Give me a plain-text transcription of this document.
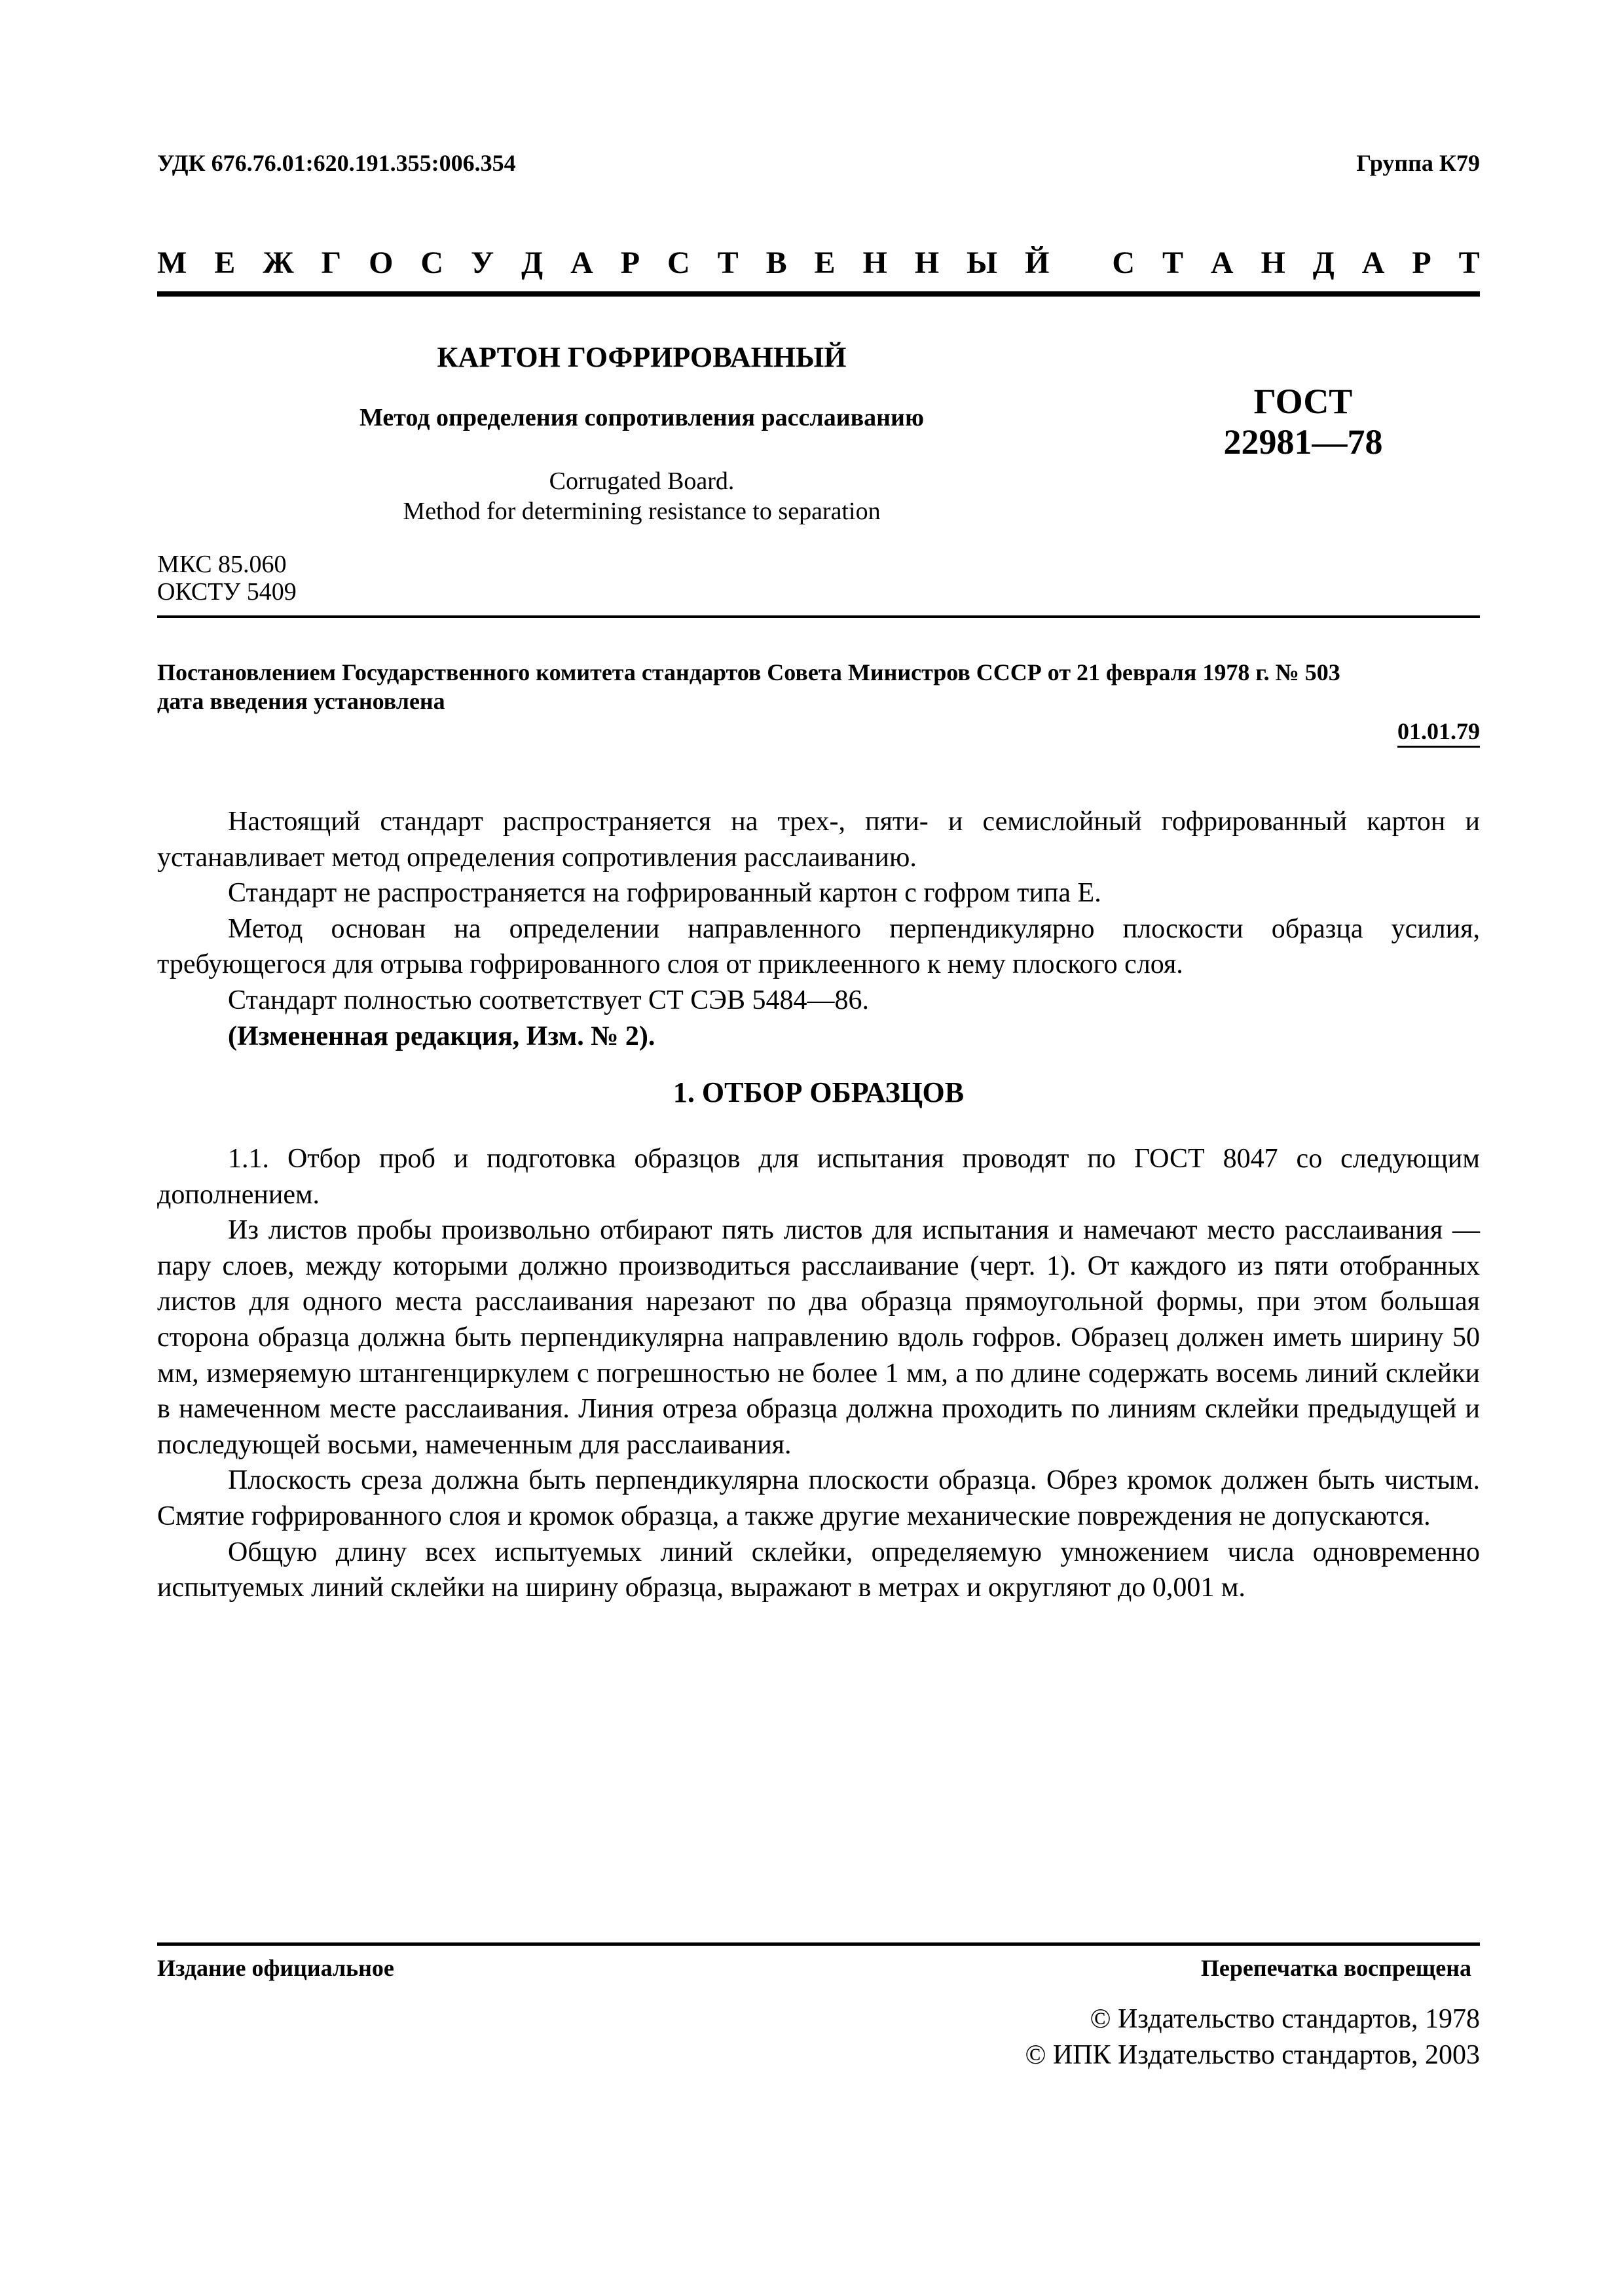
УДК 676.76.01:620.191.355:006.354	Группа К79
М Е Ж Г О С У Д А Р С Т В Е Н Н Ы Й
С Т А Н Д А Р Т
КАРТОН ГОФРИРОВАННЫЙ
Метод определения сопротивления расслаиванию
Corrugated Board.
Method for determining resistance to separation
ГОСТ
22981—78
МКС 85.060
ОКСТУ 5409
Постановлением Государственного комитета стандартов Совета Министров СССР от 21 февраля 1978 г. № 503
дата введения установлена
01.01.79

Настоящий стандарт распространяется на трех-, пяти- и семислойный гофрированный картон и устанавливает метод определения сопротивления расслаиванию.

Стандарт не распространяется на гофрированный картон с гофром типа Е.

Метод основан на определении направленного перпендикулярно плоскости образца усилия, требующегося для отрыва гофрированного слоя от приклеенного к нему плоского слоя.

Стандарт полностью соответствует СТ СЭВ 5484—86.

(Измененная редакция, Изм. № 2).

1. ОТБОР ОБРАЗЦОВ

1.1. Отбор проб и подготовка образцов для испытания проводят по ГОСТ 8047 со следующим дополнением.

Из листов пробы произвольно отбирают пять листов для испытания и намечают место расслаивания — пару слоев, между которыми должно производиться расслаивание (черт. 1). От каждого из пяти отобранных листов для одного места расслаивания нарезают по два образца прямоугольной формы, при этом большая сторона образца должна быть перпендикулярна направлению вдоль гофров. Образец должен иметь ширину 50 мм, измеряемую штангенциркулем с погрешностью не более 1 мм, а по длине содержать восемь линий склейки в намеченном месте расслаивания. Линия отреза образца должна проходить по линиям склейки предыдущей и последующей восьми, намеченным для расслаивания.

Плоскость среза должна быть перпендикулярна плоскости образца. Обрез кромок должен быть чистым. Смятие гофрированного слоя и кромок образца, а также другие механические повреждения не допускаются.

Общую длину всех испытуемых линий склейки, определяемую умножением числа одновременно испытуемых линий склейки на ширину образца, выражают в метрах и округляют до 0,001 м.

Издание официальное	Перепечатка воспрещена
© Издательство стандартов, 1978
© ИПК Издательство стандартов, 2003
